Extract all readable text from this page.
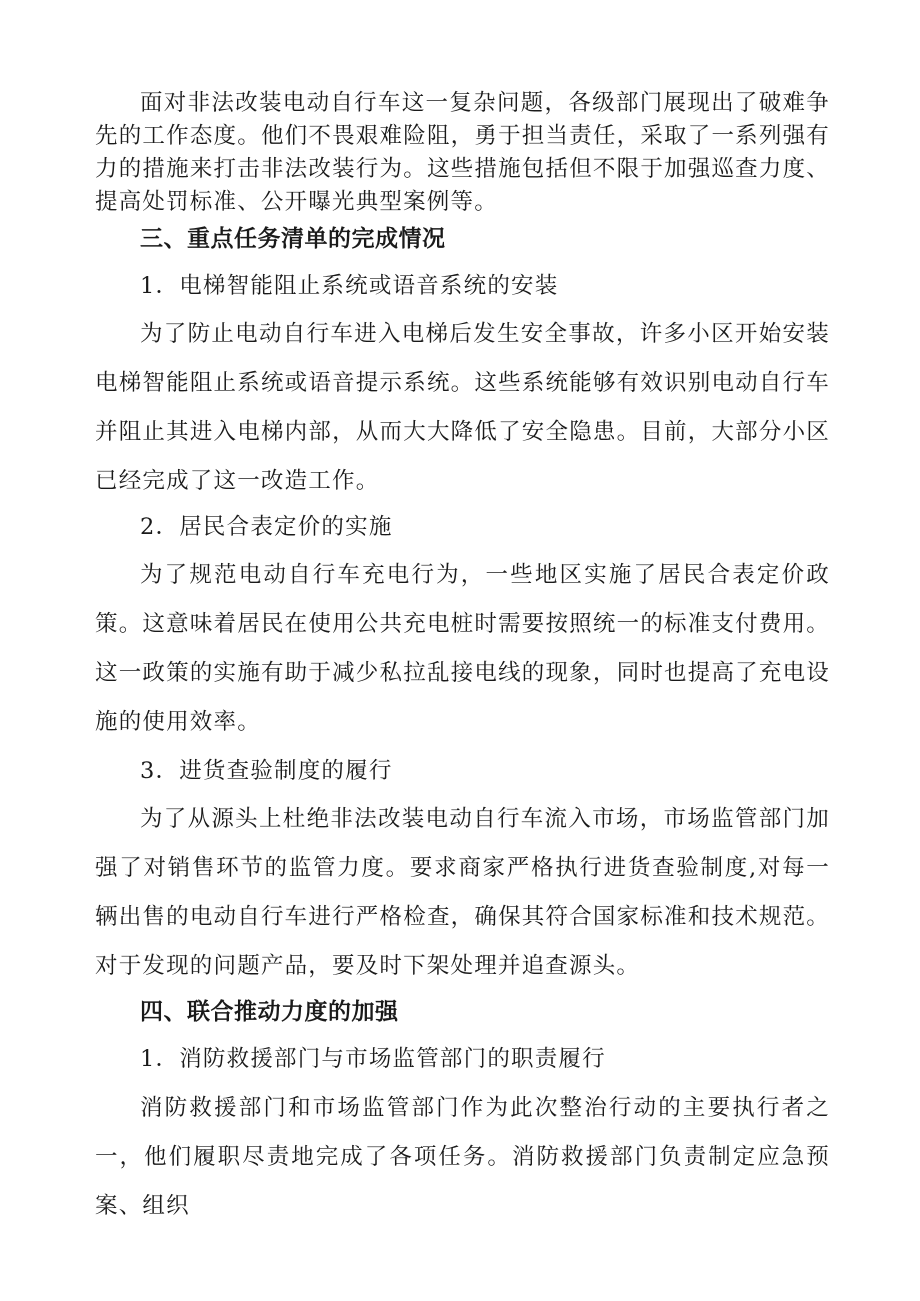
面对非法改装电动自行车这一复杂问题，各级部门展现出了破难争先的工作态度。他们不畏艰难险阻，勇于担当责任，采取了一系列强有力的措施来打击非法改装行为。这些措施包括但不限于加强巡查力度、提高处罚标准、公开曝光典型案例等。

三、重点任务清单的完成情况

1．电梯智能阻止系统或语音系统的安装

为了防止电动自行车进入电梯后发生安全事故，许多小区开始安装电梯智能阻止系统或语音提示系统。这些系统能够有效识别电动自行车并阻止其进入电梯内部，从而大大降低了安全隐患。目前，大部分小区已经完成了这一改造工作。

2．居民合表定价的实施

为了规范电动自行车充电行为，一些地区实施了居民合表定价政策。这意味着居民在使用公共充电桩时需要按照统一的标准支付费用。这一政策的实施有助于减少私拉乱接电线的现象，同时也提高了充电设施的使用效率。

3．进货查验制度的履行

为了从源头上杜绝非法改装电动自行车流入市场，市场监管部门加强了对销售环节的监管力度。要求商家严格执行进货查验制度,对每一辆出售的电动自行车进行严格检查，确保其符合国家标准和技术规范。对于发现的问题产品，要及时下架处理并追查源头。

四、联合推动力度的加强

1．消防救援部门与市场监管部门的职责履行

消防救援部门和市场监管部门作为此次整治行动的主要执行者之一，他们履职尽责地完成了各项任务。消防救援部门负责制定应急预案、组织
